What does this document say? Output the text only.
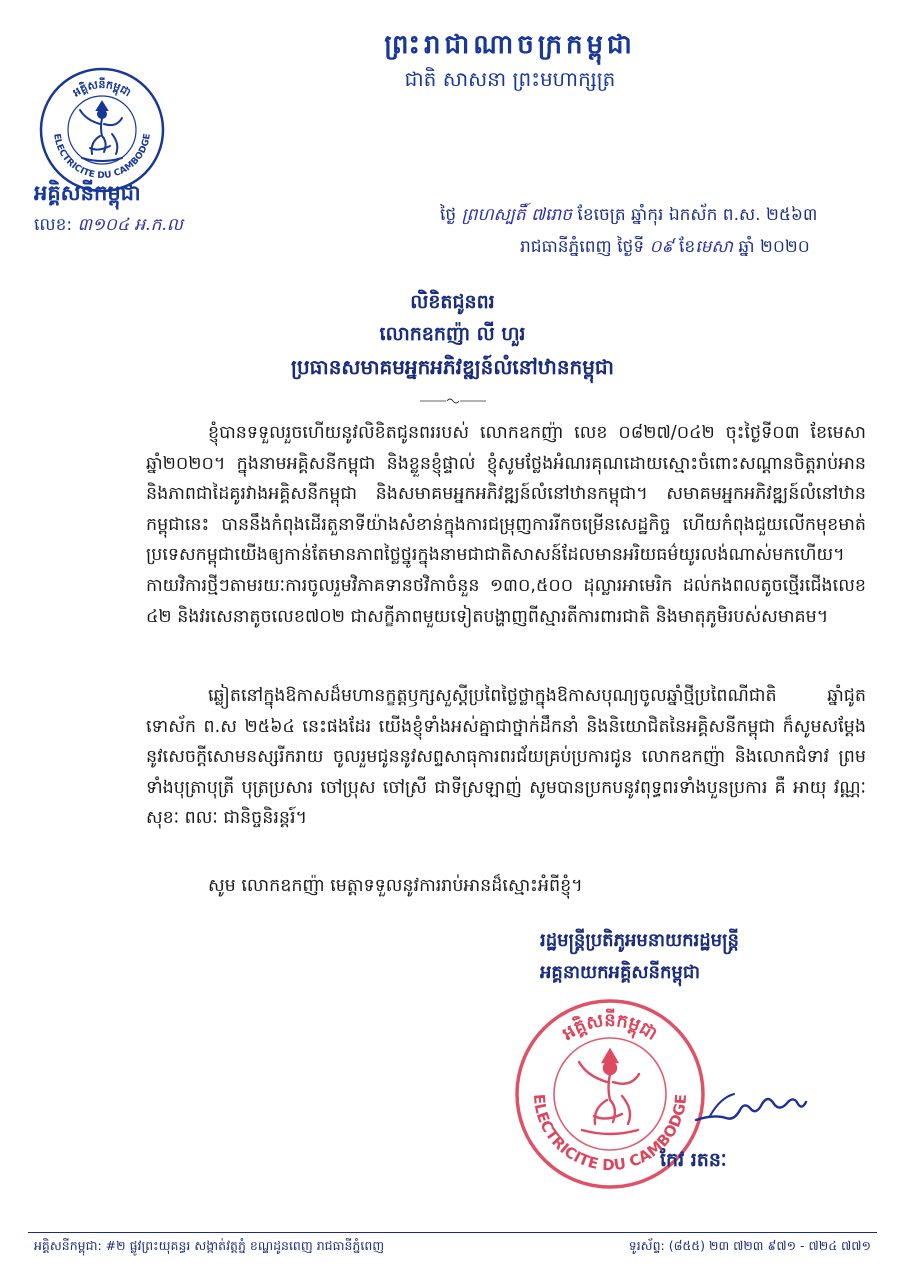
ព្រះរាជាណាចក្រកម្ពុជា
ជាតិ សាសនា ព្រះមហាក្សត្រ
អគ្គិសនីកម្ពុជា
ELECTRICITE DU CAMBODGE
អគ្គិសនីកម្ពុជា
លេខ: ៣១០៤ អ.ក.ល	ថ្ងៃ ព្រហស្បតិ៍ ៧រោច ខែចេត្រ ឆ្នាំកុរ ឯកស័ក ព.ស. ២៥៦៣
រាជធានីភ្នំពេញ ថ្ងៃទី ០៩ ខែមេសា ឆ្នាំ ២០២០
លិខិតជូនពរ
លោកឧកញ៉ា លី ហួរ
ប្រធានសមាគមអ្នកអភិវឌ្ឍន៍លំនៅឋានកម្ពុជា
ខ្ញុំបានទទួលរួចហើយនូវលិខិតជូនពររបស់ លោកឧកញ៉ា លេខ ០៨២៧/០៤២ ចុះថ្ងៃទី០៣ ខែមេសា ឆ្នាំ២០២០។ ក្នុងនាមអគ្គិសនីកម្ពុជា និងខ្លួនខ្ញុំផ្ទាល់ ខ្ញុំសូមថ្លែងអំណរគុណដោយស្មោះចំពោះសណ្តានចិត្តរាប់អាន និងភាពជាដៃគូរវាងអគ្គិសនីកម្ពុជា និងសមាគមអ្នកអភិវឌ្ឍន៍លំនៅឋានកម្ពុជា។ សមាគមអ្នកអភិវឌ្ឍន៍លំនៅឋានកម្ពុជានេះ បាននឹងកំពុងដើរតួនាទីយ៉ាងសំខាន់ក្នុងការជម្រុញការរីកចម្រើនសេដ្ឋកិច្ច ហើយកំពុងជួយលើកមុខមាត់ប្រទេសកម្ពុជាយើងឲ្យកាន់តែមានភាពថ្លៃថ្នូរក្នុងនាមជាជាតិសាសន៍ដែលមានអរិយធម៌យូរលង់ណាស់មកហើយ។ កាយវិការថ្មីៗតាមរយៈការចូលរួមវិភាគទានថវិកាចំនួន ១៣០,៥០០ ដុល្លារអាមេរិក ដល់កងពលតូចថ្មើរជើងលេខ ៤២ និងវរសេនាតូចលេខ៧០២ ជាសក្ខីភាពមួយទៀតបង្ហាញពីស្មារតីការពារជាតិ និងមាតុភូមិរបស់សមាគម។
ឆ្លៀតនៅក្នុងឱកាសដ៏មហានក្ខត្តឫក្សសួស្តីប្រពៃថ្លៃថ្លាក្នុងឱកាសបុណ្យចូលឆ្នាំថ្មីប្រពៃណីជាតិ ឆ្នាំជូត ទោស័ក ព.ស ២៥៦៤ នេះផងដែរ យើងខ្ញុំទាំងអស់គ្នាជាថ្នាក់ដឹកនាំ និងនិយោជិតនៃអគ្គិសនីកម្ពុជា ក៏សូមសម្តែងនូវសេចក្តីសោមនស្សរីករាយ ចូលរួមជូននូវសព្ទសាធុការពរជ័យគ្រប់ប្រការជូន លោកឧកញ៉ា និងលោកជំទាវ ព្រមទាំងបុត្រាបុត្រី បុត្រប្រសារ ចៅប្រុស ចៅស្រី ជាទីស្រឡាញ់ សូមបានប្រកបនូវពុទ្ធពរទាំងបួនប្រការ គឺ អាយុ វណ្ណៈ សុខៈ ពលៈ ជានិច្ចនិរន្តរ៍។
សូម លោកឧកញ៉ា មេត្តាទទួលនូវការរាប់អានដ៏ស្មោះអំពីខ្ញុំ។
រដ្ឋមន្ត្រីប្រតិភូអមនាយករដ្ឋមន្ត្រី
អគ្គនាយកអគ្គិសនីកម្ពុជា
អគ្គិសនីកម្ពុជា
ELECTRICITE DU CAMBODGE
កែវ រតនៈ
អគ្គិសនីកម្ពុជា: #២ ផ្លូវព្រះយុគន្ធរ សង្កាត់វត្តភ្នំ ខណ្ឌដូនពេញ រាជធានីភ្នំពេញ	ទូរស័ព្ទ: (៨៥៥) ២៣ ៧២៣ ៩៧១ - ៧២៤ ៧៧១
